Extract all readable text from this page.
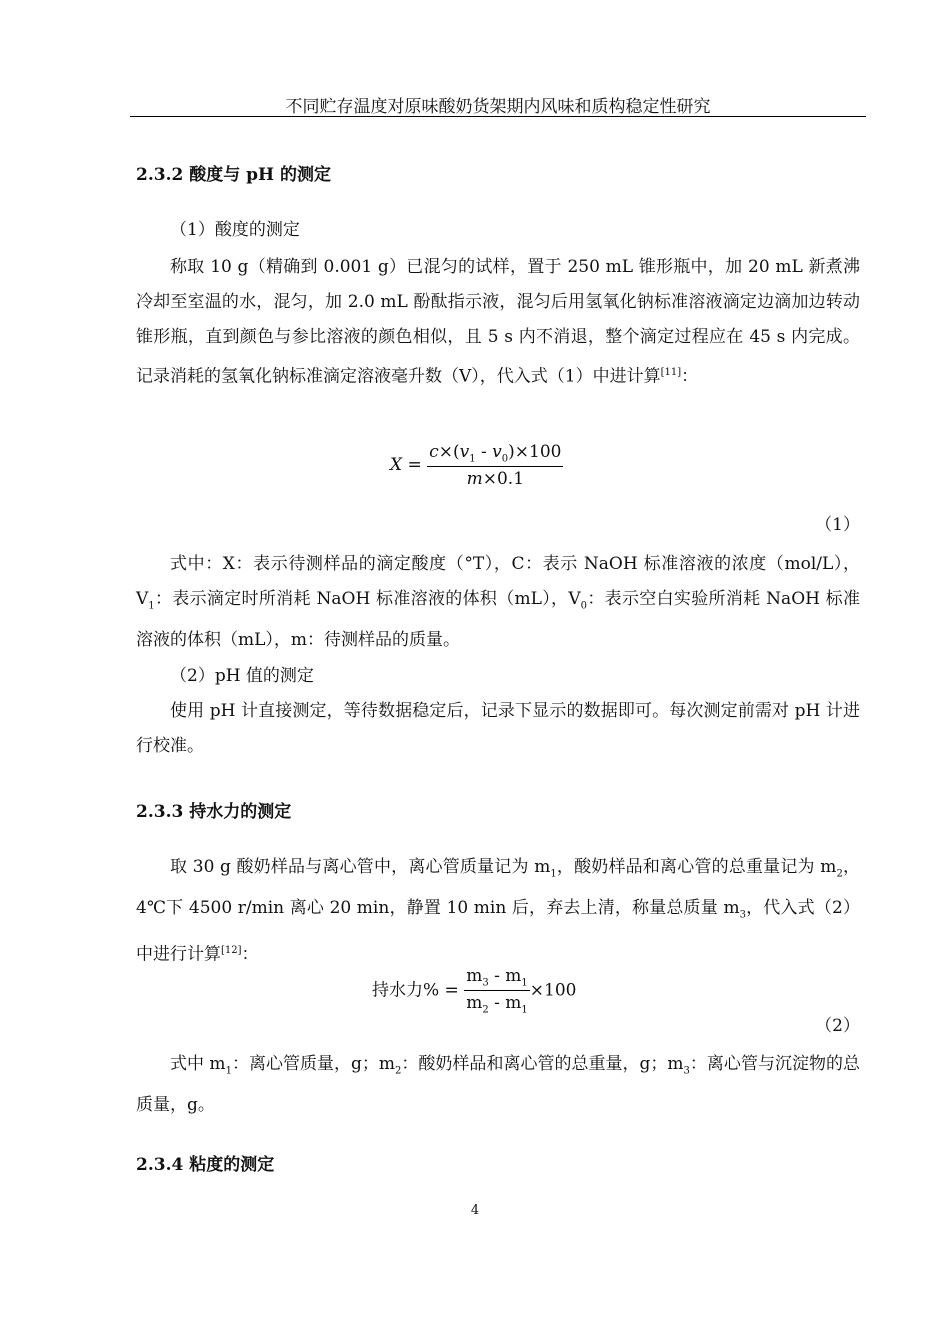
不同贮存温度对原味酸奶货架期内风味和质构稳定性研究
2.3.2 酸度与 pH 的测定
（1）酸度的测定
称取 10 g（精确到 0.001 g）已混匀的试样，置于 250 mL 锥形瓶中，加 20 mL 新煮沸冷却至室温的水，混匀，加 2.0 mL 酚酞指示液，混匀后用氢氧化钠标准溶液滴定边滴加边转动锥形瓶，直到颜色与参比溶液的颜色相似，且 5 s 内不消退，整个滴定过程应在 45 s 内完成。记录消耗的氢氧化钠标准滴定溶液毫升数（V），代入式（1）中进计算[11]：
$X = \frac{c\times(v_1 - v_0)\times 100}{m\times 0.1}$
（1）
式中：X：表示待测样品的滴定酸度（°T），C：表示 NaOH 标准溶液的浓度（mol/L），$V_1$：表示滴定时所消耗 NaOH 标准溶液的体积（mL），$V_0$：表示空白实验所消耗 NaOH 标准溶液的体积（mL），m：待测样品的质量。
（2）pH 值的测定
使用 pH 计直接测定，等待数据稳定后，记录下显示的数据即可。每次测定前需对 pH 计进行校准。
2.3.3 持水力的测定
取 30 g 酸奶样品与离心管中，离心管质量记为 $m_1$，酸奶样品和离心管的总重量记为 $m_2$，4℃下 4500 r/min 离心 20 min，静置 10 min 后，弃去上清，称量总质量 $m_3$，代入式（2）中进行计算[12]：
持水力% = $\frac{m_3 - m_1}{m_2 - m_1} \times 100$
（2）
式中 $m_1$：离心管质量，g；$m_2$：酸奶样品和离心管的总重量，g；$m_3$：离心管与沉淀物的总质量，g。
2.3.4 粘度的测定
4
